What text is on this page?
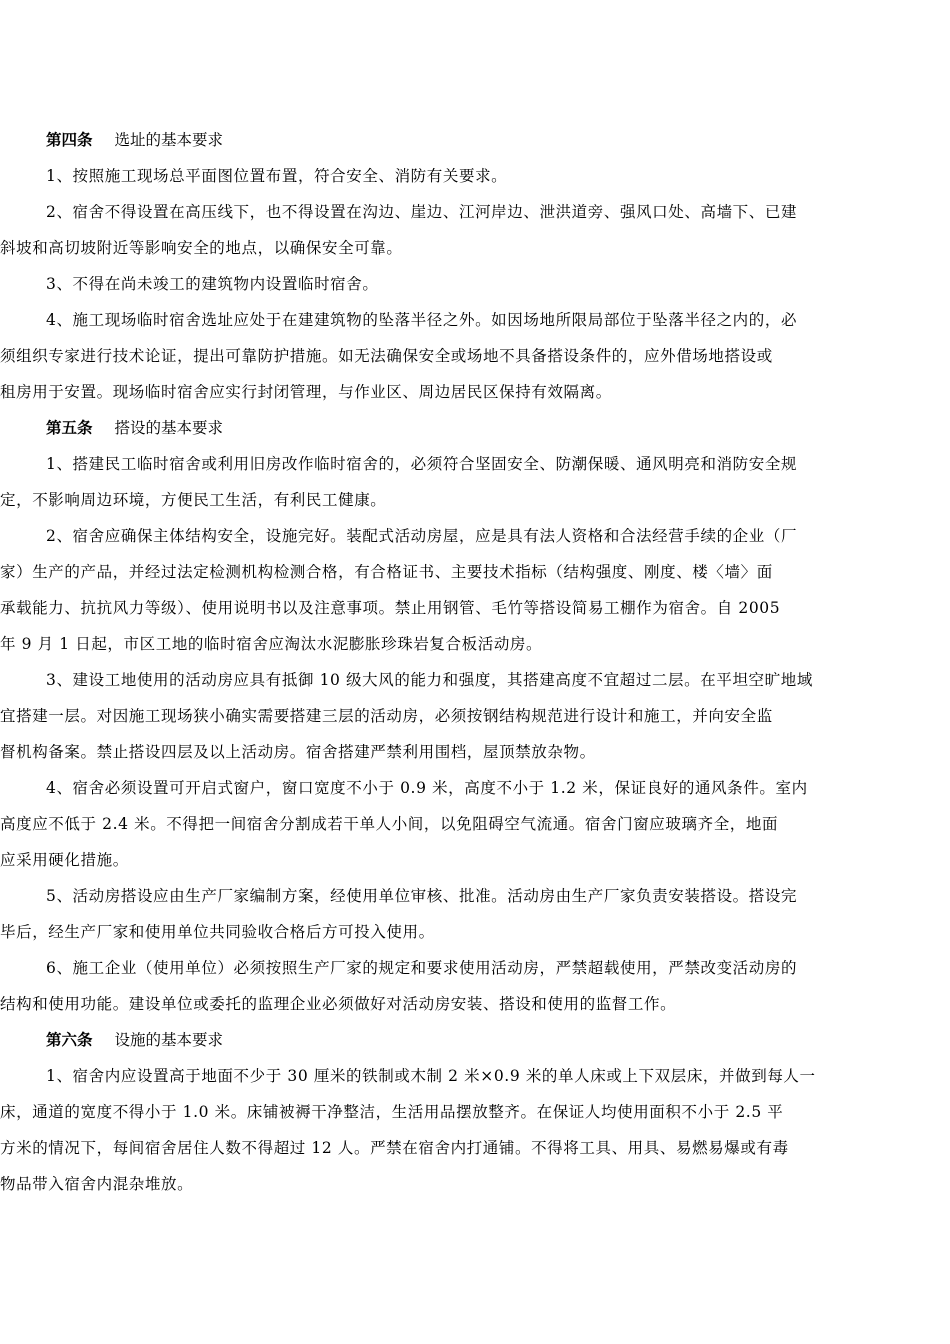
第四条 选址的基本要求
1、按照施工现场总平面图位置布置，符合安全、消防有关要求。
2、宿舍不得设置在高压线下，也不得设置在沟边、崖边、江河岸边、泄洪道旁、强风口处、高墙下、已建
斜坡和高切坡附近等影响安全的地点，以确保安全可靠。
3、不得在尚未竣工的建筑物内设置临时宿舍。
4、施工现场临时宿舍选址应处于在建建筑物的坠落半径之外。如因场地所限局部位于坠落半径之内的，必
须组织专家进行技术论证，提出可靠防护措施。如无法确保安全或场地不具备搭设条件的，应外借场地搭设或
租房用于安置。现场临时宿舍应实行封闭管理，与作业区、周边居民区保持有效隔离。
第五条 搭设的基本要求
1、搭建民工临时宿舍或利用旧房改作临时宿舍的，必须符合坚固安全、防潮保暖、通风明亮和消防安全规
定，不影响周边环境，方便民工生活，有利民工健康。
2、宿舍应确保主体结构安全，设施完好。装配式活动房屋，应是具有法人资格和合法经营手续的企业（厂
家）生产的产品，并经过法定检测机构检测合格，有合格证书、主要技术指标（结构强度、刚度、楼〈墙〉面
承载能力、抗抗风力等级）、使用说明书以及注意事项。禁止用钢管、毛竹等搭设简易工棚作为宿舍。自 2005
年 9 月 1 日起，市区工地的临时宿舍应淘汰水泥膨胀珍珠岩复合板活动房。
3、建设工地使用的活动房应具有抵御 10 级大风的能力和强度，其搭建高度不宜超过二层。在平坦空旷地域
宜搭建一层。对因施工现场狭小确实需要搭建三层的活动房，必须按钢结构规范进行设计和施工，并向安全监
督机构备案。禁止搭设四层及以上活动房。宿舍搭建严禁利用围档，屋顶禁放杂物。
4、宿舍必须设置可开启式窗户，窗口宽度不小于 0.9 米，高度不小于 1.2 米，保证良好的通风条件。室内
高度应不低于 2.4 米。不得把一间宿舍分割成若干单人小间，以免阻碍空气流通。宿舍门窗应玻璃齐全，地面
应采用硬化措施。
5、活动房搭设应由生产厂家编制方案，经使用单位审核、批准。活动房由生产厂家负责安装搭设。搭设完
毕后，经生产厂家和使用单位共同验收合格后方可投入使用。
6、施工企业（使用单位）必须按照生产厂家的规定和要求使用活动房，严禁超载使用，严禁改变活动房的
结构和使用功能。建设单位或委托的监理企业必须做好对活动房安装、搭设和使用的监督工作。
第六条 设施的基本要求
1、宿舍内应设置高于地面不少于 30 厘米的铁制或木制 2 米×0.9 米的单人床或上下双层床，并做到每人一
床，通道的宽度不得小于 1.0 米。床铺被褥干净整洁，生活用品摆放整齐。在保证人均使用面积不小于 2.5 平
方米的情况下，每间宿舍居住人数不得超过 12 人。严禁在宿舍内打通铺。不得将工具、用具、易燃易爆或有毒
物品带入宿舍内混杂堆放。
